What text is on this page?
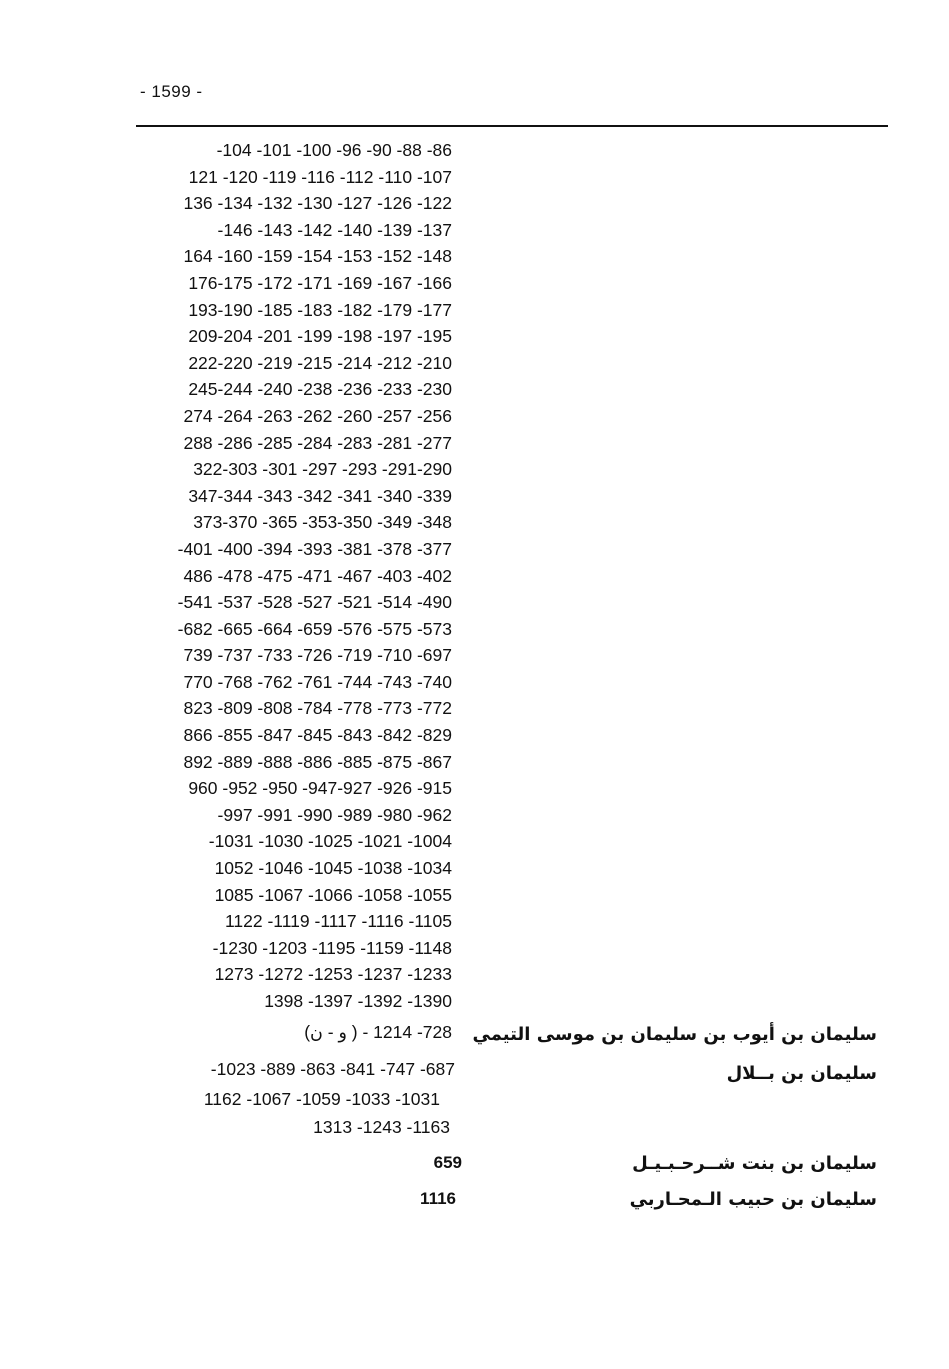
- 1599 -
-104 -101 -100 -96 -90 -88 -86
121 -120 -119 -116 -112 -110 -107
136 -134 -132 -130 -127 -126 -122
-146 -143 -142 -140 -139 -137
164 -160 -159 -154 -153 -152 -148
176-175 -172 -171 -169 -167 -166
193-190 -185 -183 -182 -179 -177
209-204 -201 -199 -198 -197 -195
222-220 -219 -215 -214 -212 -210
245-244 -240 -238 -236 -233 -230
274 -264 -263 -262 -260 -257 -256
288 -286 -285 -284 -283 -281 -277
322-303 -301 -297 -293 -291-290
347-344 -343 -342 -341 -340 -339
373-370 -365 -353-350 -349 -348
-401 -400 -394 -393 -381 -378 -377
486 -478 -475 -471 -467 -403 -402
-541 -537 -528 -527 -521 -514 -490
-682 -665 -664 -659 -576 -575 -573
739 -737 -733 -726 -719 -710 -697
770 -768 -762 -761 -744 -743 -740
823 -809 -808 -784 -778 -773 -772
866 -855 -847 -845 -843 -842 -829
892 -889 -888 -886 -885 -875 -867
960 -952 -950 -947-927 -926 -915
-997 -991 -990 -989 -980 -962
-1031 -1030 -1025 -1021 -1004
1052 -1046 -1045 -1038 -1034
1085 -1067 -1066 -1058 -1055
1122 -1119 -1117 -1116 -1105
-1230 -1203 -1195 -1159 -1148
1273 -1272 -1253 -1237 -1233
1398 -1397 -1392 -1390
سليمان بن أيوب بن سليمان بن موسى التيمي
(و - ن ) - 728- 1214
سليمان بن بــلال
-1023 -889 -863 -841 -747 -687
1162 -1067 -1059 -1033 -1031
1313 -1243 -1163
سليمان بن بنت شــرحـبـيـل
659
سليمان بن حبيب الـمحـاربي
1116
